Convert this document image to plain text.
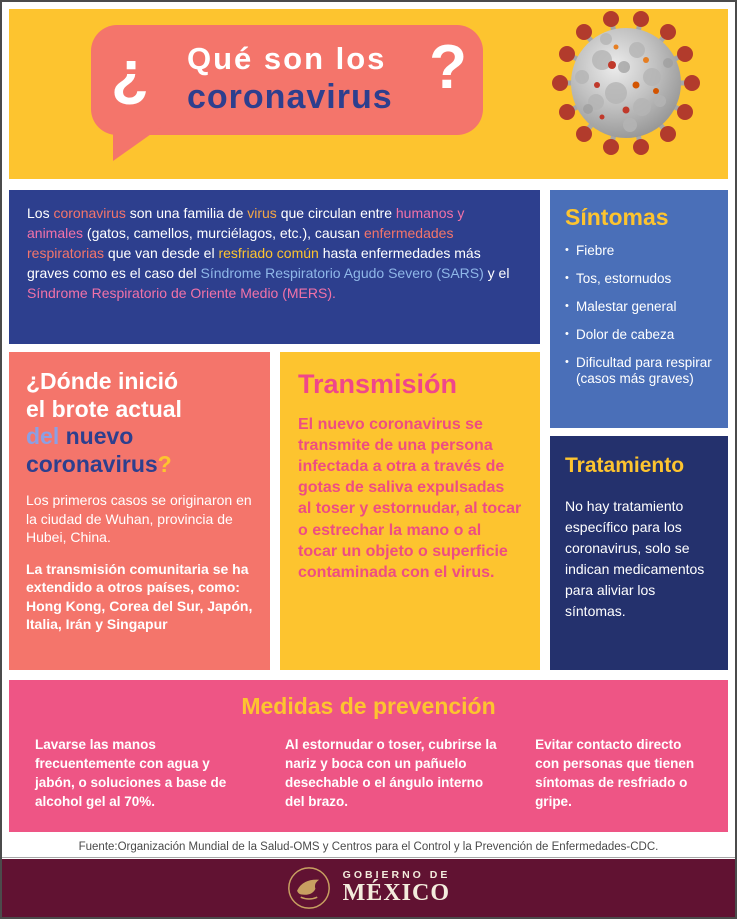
¿ Qué son los
coronavirus ?

Los coronavirus son una familia de virus que circulan entre humanos y animales (gatos, camellos, murciélagos, etc.), causan enfermedades respiratorias que van desde el resfriado común hasta enfermedades más graves como es el caso del Síndrome Respiratorio Agudo Severo (SARS) y el Síndrome Respiratorio de Oriente Medio (MERS).

Síntomas
• Fiebre
• Tos, estornudos
• Malestar general
• Dolor de cabeza
• Dificultad para respirar (casos más graves)
¿Dónde inició
el brote actual
del nuevo
coronavirus?

Los primeros casos se originaron en la ciudad de Wuhan, provincia de Hubei, China.

La transmisión comunitaria se ha extendido a otros países, como: Hong Kong, Corea del Sur, Japón, Italia, Irán y Singapur

Transmisión

El nuevo coronavirus se transmite de una persona infectada a otra a través de gotas de saliva expulsadas al toser y estornudar, al tocar o estrechar la mano o al tocar un objeto o superficie contaminada con el virus.

Tratamiento

No hay tratamiento específico para los coronavirus, solo se indican medicamentos para aliviar los síntomas.

Medidas de prevención
Lavarse las manos frecuentemente con agua y jabón, o soluciones a base de alcohol gel al 70%.
Al estornudar o toser, cubrirse la nariz y boca con un pañuelo desechable o el ángulo interno del brazo.
Evitar contacto directo con personas que tienen síntomas de resfriado o gripe.
Fuente:Organización Mundial de la Salud-OMS y Centros para el Control y la Prevención de Enfermedades-CDC.
GOBIERNO DE
MÉXICO
